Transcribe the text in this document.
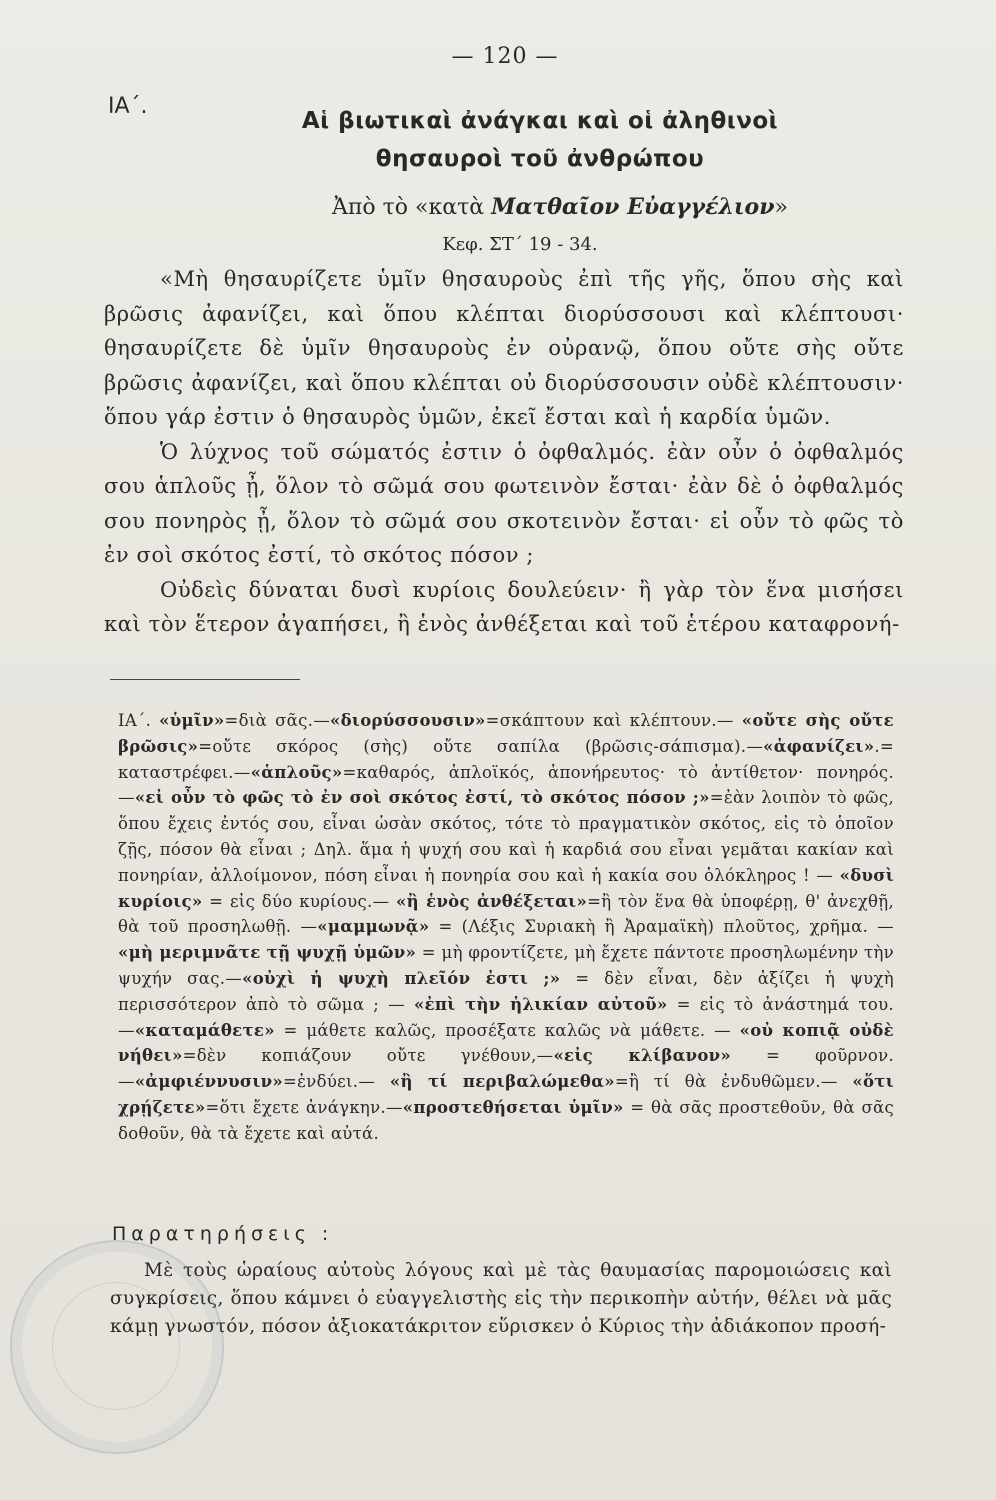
— 120 —
ΙΑ΄.
Αἱ βιωτικαὶ ἀνάγκαι καὶ οἱ ἀληθινοὶ
θησαυροὶ τοῦ ἀνθρώπου
Ἀπὸ τὸ «κατὰ Ματθαῖον Εὐαγγέλιον»
Κεφ. ΣΤ΄ 19 - 34.

«Μὴ θησαυρίζετε ὑμῖν θησαυροὺς ἐπὶ τῆς γῆς, ὅπου σὴς καὶ βρῶσις ἀφανίζει, καὶ ὅπου κλέπται διορύσσουσι καὶ κλέπτουσι· θησαυρίζετε δὲ ὑμῖν θησαυροὺς ἐν οὐρανῷ, ὅπου οὔτε σὴς οὔτε βρῶσις ἀφανίζει, καὶ ὅπου κλέπται οὐ διορύσσουσιν οὐδὲ κλέπτουσιν· ὅπου γάρ ἐστιν ὁ θησαυρὸς ὑμῶν, ἐκεῖ ἔσται καὶ ἡ καρδία ὑμῶν.

Ὁ λύχνος τοῦ σώματός ἐστιν ὁ ὀφθαλμός. ἐὰν οὖν ὁ ὀφθαλμός σου ἁπλοῦς ᾖ, ὅλον τὸ σῶμά σου φωτεινὸν ἔσται· ἐὰν δὲ ὁ ὀφθαλμός σου πονηρὸς ᾖ, ὅλον τὸ σῶμά σου σκοτεινὸν ἔσται· εἰ οὖν τὸ φῶς τὸ ἐν σοὶ σκότος ἐστί, τὸ σκότος πόσον ;

Οὐδεὶς δύναται δυσὶ κυρίοις δουλεύειν· ἢ γὰρ τὸν ἕνα μισήσει καὶ τὸν ἕτερον ἀγαπήσει, ἢ ἑνὸς ἀνθέξεται καὶ τοῦ ἑτέρου καταφρονή-

ΙΑ΄. «ὑμῖν»=διὰ σᾶς.—«διορύσσουσιν»=σκάπτουν καὶ κλέπτουν.— «οὔτε σὴς οὔτε βρῶσις»=οὔτε σκόρος (σὴς) οὔτε σαπίλα (βρῶσις-σάπισμα).—«ἀφανίζει».= καταστρέφει.—«ἁπλοῦς»=καθαρός, ἁπλοϊκός, ἀπονήρευτος· τὸ ἀντίθετον· πονηρός.—«εἰ οὖν τὸ φῶς τὸ ἐν σοὶ σκότος ἐστί, τὸ σκότος πόσον ;»=ἐὰν λοιπὸν τὸ φῶς, ὅπου ἔχεις ἐντός σου, εἶναι ὡσὰν σκότος, τότε τὸ πραγματικὸν σκότος, εἰς τὸ ὁποῖον ζῇς, πόσον θὰ εἶναι ; Δηλ. ἅμα ἡ ψυχή σου καὶ ἡ καρδιά σου εἶναι γεμᾶται κακίαν καὶ πονηρίαν, ἀλλοίμονον, πόση εἶναι ἡ πονηρία σου καὶ ἡ κακία σου ὁλόκληρος ! — «δυσὶ κυρίοις» = εἰς δύο κυρίους.— «ἢ ἑνὸς ἀνθέξεται»=ἢ τὸν ἕνα θὰ ὑποφέρῃ, θ' ἀνεχθῇ, θὰ τοῦ προσηλωθῇ. —«μαμμωνᾷ» = (Λέξις Συριακὴ ἢ Ἀραμαϊκὴ) πλοῦτος, χρῆμα. — «μὴ μεριμνᾶτε τῇ ψυχῇ ὑμῶν» = μὴ φροντίζετε, μὴ ἔχετε πάντοτε προσηλωμένην τὴν ψυχήν σας.—«οὐχὶ ἡ ψυχὴ πλεῖόν ἐστι ;» = δὲν εἶναι, δὲν ἀξίζει ἡ ψυχὴ περισσότερον ἀπὸ τὸ σῶμα ; — «ἐπὶ τὴν ἡλικίαν αὐτοῦ» = εἰς τὸ ἀνάστημά του. —«καταμάθετε» = μάθετε καλῶς, προσέξατε καλῶς νὰ μάθετε. — «οὐ κοπιᾷ οὐδὲ νήθει»=δὲν κοπιάζουν οὔτε γνέθουν,—«εἰς κλίβανον» = φοῦρνον.—«ἀμφιέννυσιν»=ἐνδύει.— «ἢ τί περιβαλώμεθα»=ἢ τί θὰ ἐνδυθῶμεν.— «ὅτι χρῄζετε»=ὅτι ἔχετε ἀνάγκην.—«προστεθήσεται ὑμῖν» = θὰ σᾶς προστεθοῦν, θὰ σᾶς δοθοῦν, θὰ τὰ ἔχετε καὶ αὐτά.

Παρατηρήσεις :

Μὲ τοὺς ὡραίους αὐτοὺς λόγους καὶ μὲ τὰς θαυμασίας παρομοιώσεις καὶ συγκρίσεις, ὅπου κάμνει ὁ εὐαγγελιστὴς εἰς τὴν περικοπὴν αὐτήν, θέλει νὰ μᾶς κάμῃ γνωστόν, πόσον ἀξιοκατάκριτον εὕρισκεν ὁ Κύριος τὴν ἀδιάκοπον προσή-
